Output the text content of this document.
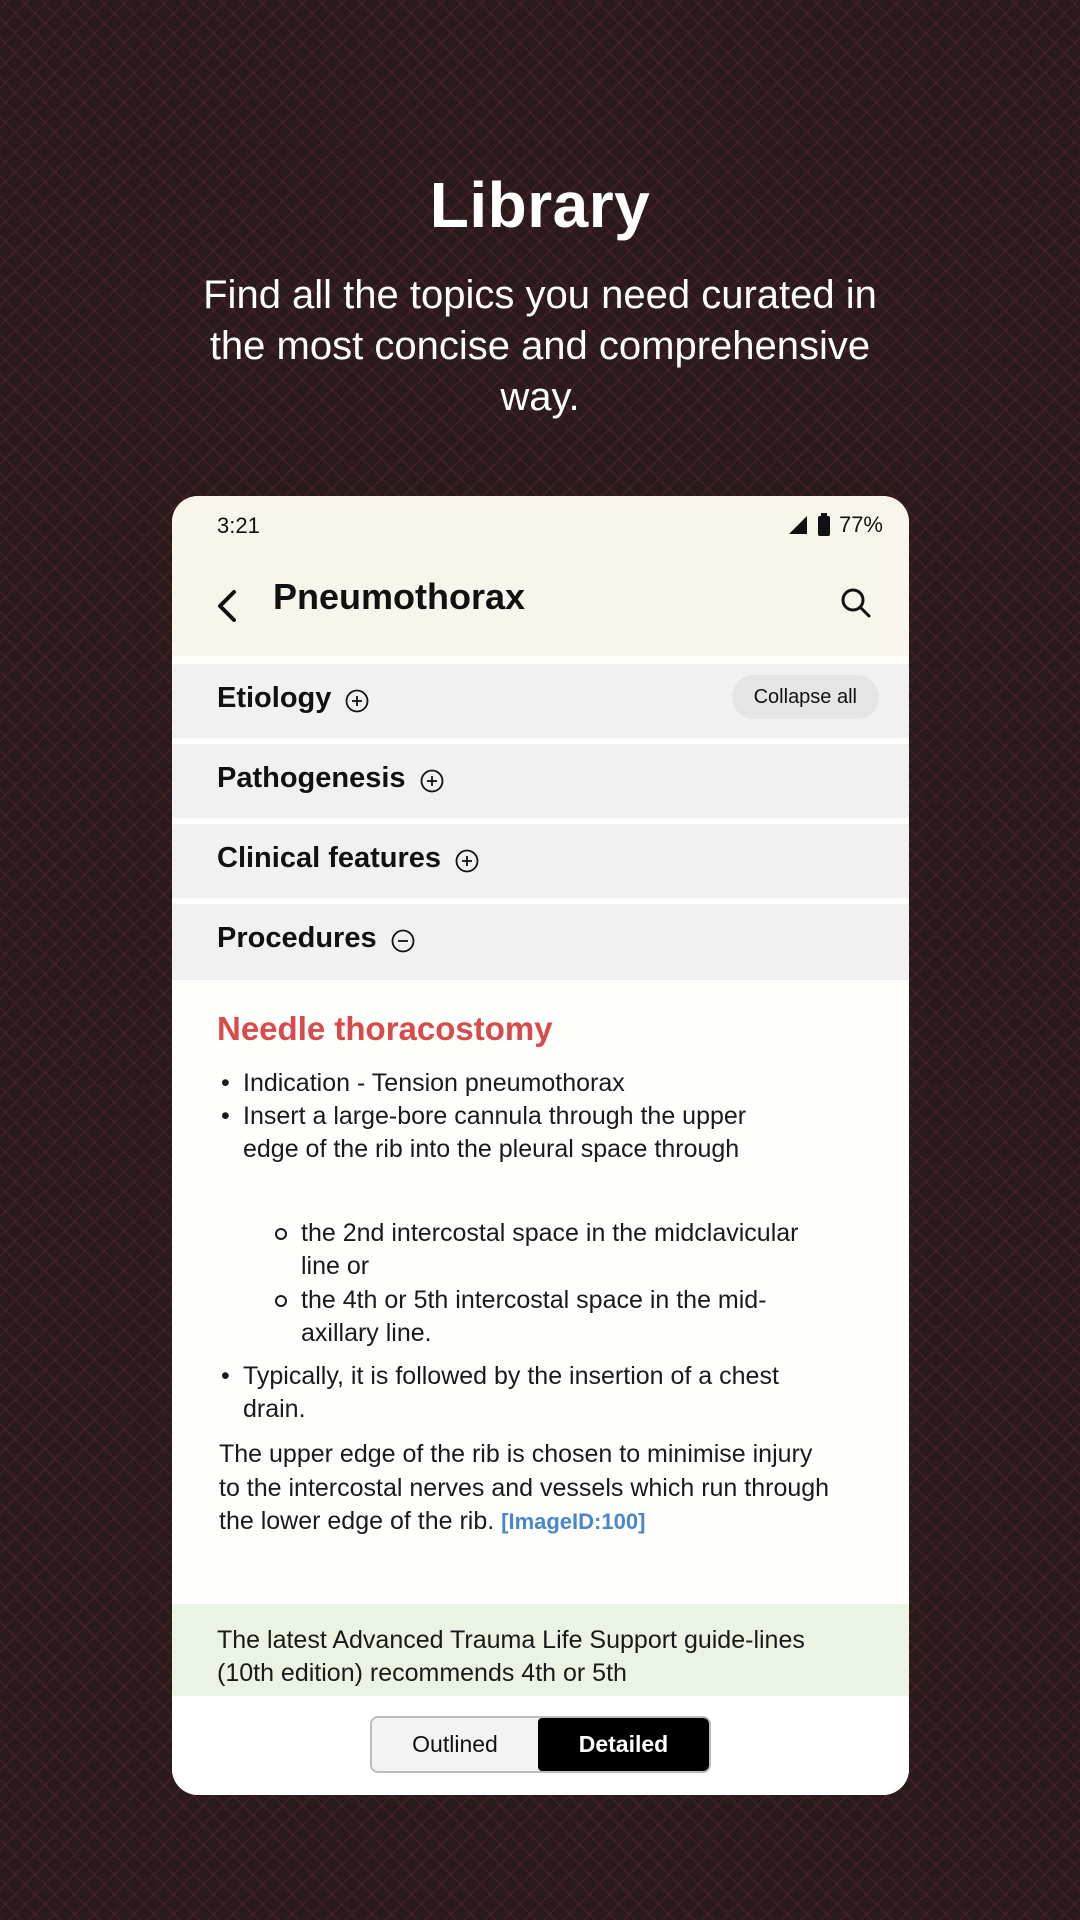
Library
Find all the topics you need curated in the most concise and comprehensive way.
3:21	77%
Pneumothorax
Etiology	Collapse all
Pathogenesis
Clinical features
Procedures
Needle thoracostomy
• Indication - Tension pneumothorax
• Insert a large-bore cannula through the upper edge of the rib into the pleural space through
the 2nd intercostal space in the midclavicular line or
the 4th or 5th intercostal space in the mid-axillary line.
• Typically, it is followed by the insertion of a chest drain.
The upper edge of the rib is chosen to minimise injury to the intercostal nerves and vessels which run through the lower edge of the rib. [ImageID:100]
The latest Advanced Trauma Life Support guide-lines (10th edition) recommends 4th or 5th
Outlined	Detailed
